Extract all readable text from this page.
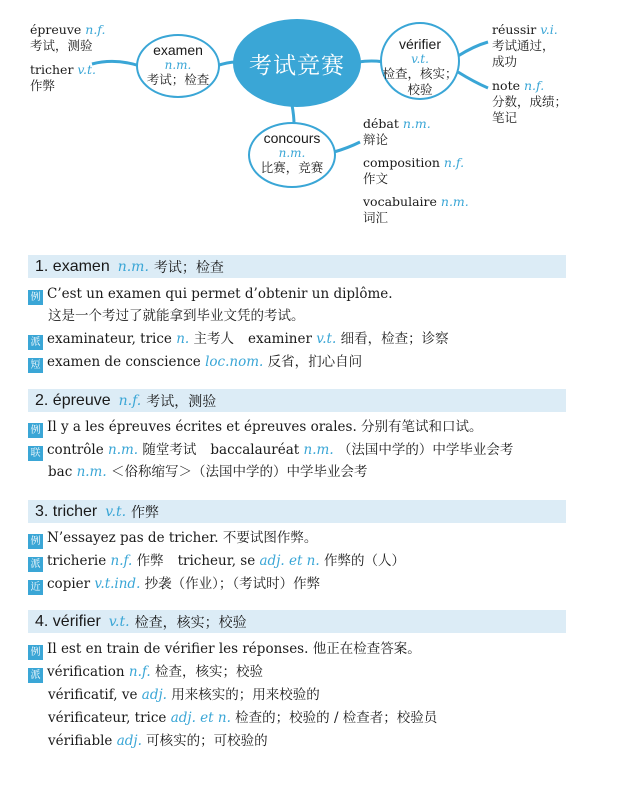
épreuve n.f.
考试，测验
tricher v.t.
作弊
examen
n.m.
考试；检查
考试竞赛
vérifier
v.t.
检查，核实；
校验
réussir v.i.
考试通过，
成功
note n.f.
分数，成绩；
笔记
concours
n.m.
比赛，竞赛
débat n.m.
辩论
composition n.f.
作文
vocabulaire n.m.
词汇
1. examen n.m. 考试；检查
例 C’est un examen qui permet d’obtenir un diplôme.
这是一个考过了就能拿到毕业文凭的考试。
派 examinateur, trice n. 主考人 examiner v.t. 细看，检查；诊察
短 examen de conscience loc.nom. 反省，扪心自问
2. épreuve n.f. 考试，测验
例 Il y a les épreuves écrites et épreuves orales. 分别有笔试和口试。
联 contrôle n.m. 随堂考试 baccalauréat n.m. （法国中学的）中学毕业会考
bac n.m. ＜俗称缩写＞（法国中学的）中学毕业会考
3. tricher v.t. 作弊
例 N’essayez pas de tricher. 不要试图作弊。
派 tricherie n.f. 作弊 tricheur, se adj. et n. 作弊的（人）
近 copier v.t.ind. 抄袭（作业）；（考试时）作弊
4. vérifier v.t. 检查，核实；校验
例 Il est en train de vérifier les réponses. 他正在检查答案。
派 vérification n.f. 检查，核实；校验
vérificatif, ve adj. 用来核实的；用来校验的
vérificateur, trice adj. et n. 检查的；校验的 / 检查者；校验员
vérifiable adj. 可核实的；可校验的
